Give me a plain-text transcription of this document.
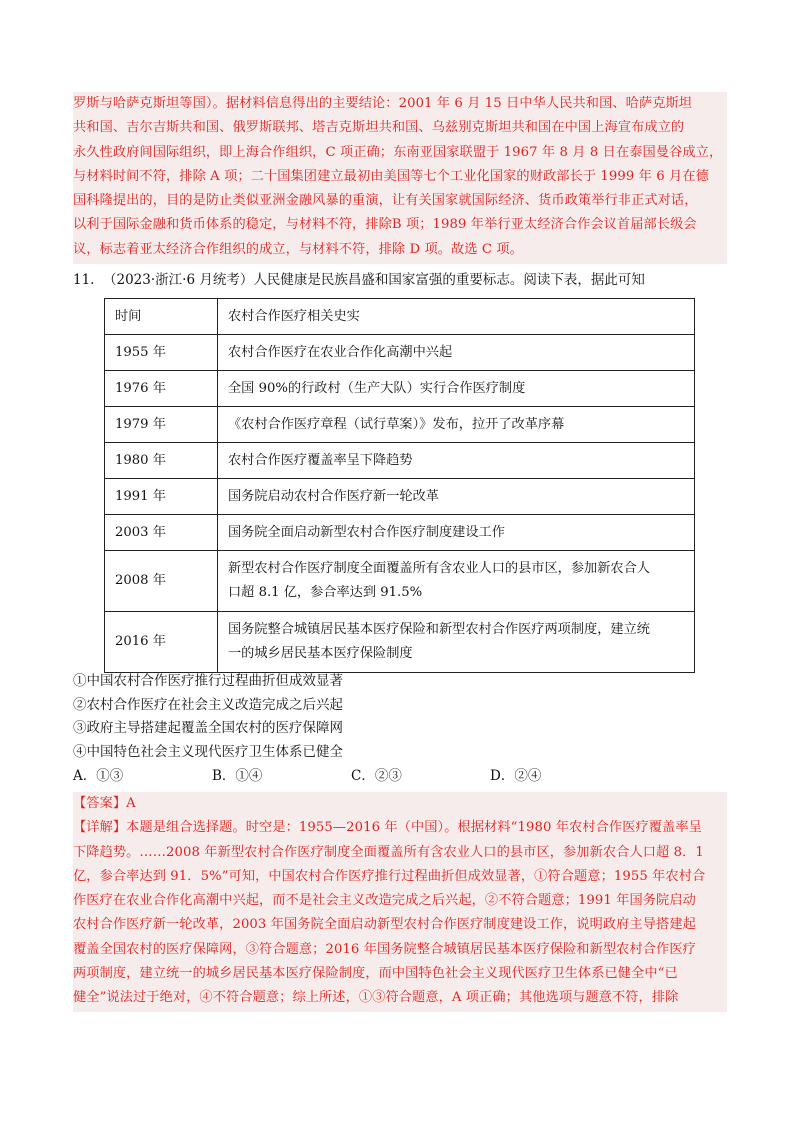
罗斯与哈萨克斯坦等国）。据材料信息得出的主要结论：2001 年 6 月 15 日中华人民共和国、哈萨克斯坦

共和国、吉尔吉斯共和国、俄罗斯联邦、塔吉克斯坦共和国、乌兹别克斯坦共和国在中国上海宣布成立的

永久性政府间国际组织，即上海合作组织，C 项正确；东南亚国家联盟于 1967 年 8 月 8 日在泰国曼谷成立，

与材料时间不符，排除 A 项；二十国集团建立最初由美国等七个工业化国家的财政部长于 1999 年 6 月在德

国科隆提出的，目的是防止类似亚洲金融风暴的重演，让有关国家就国际经济、货币政策举行非正式对话，

以利于国际金融和货币体系的稳定，与材料不符，排除B 项；1989 年举行亚太经济合作会议首届部长级会

议，标志着亚太经济合作组织的成立，与材料不符，排除 D 项。故选 C 项。

11. （2023·浙江·6 月统考）人民健康是民族昌盛和国家富强的重要标志。阅读下表，据此可知
时间	农村合作医疗相关史实
1955 年	农村合作医疗在农业合作化高潮中兴起
1976 年	全国 90%的行政村（生产大队）实行合作医疗制度
1979 年	《农村合作医疗章程（试行草案）》发布，拉开了改革序幕
1980 年	农村合作医疗覆盖率呈下降趋势
1991 年	国务院启动农村合作医疗新一轮改革
2003 年	国务院全面启动新型农村合作医疗制度建设工作
2008 年	新型农村合作医疗制度全面覆盖所有含农业人口的县市区，参加新农合人
口超 8.1 亿，参合率达到 91.5%

2016 年	国务院整合城镇居民基本医疗保险和新型农村合作医疗两项制度，建立统
一的城乡居民基本医疗保险制度
①中国农村合作医疗推行过程曲折但成效显著
②农村合作医疗在社会主义改造完成之后兴起
③政府主导搭建起覆盖全国农村的医疗保障网
④中国特色社会主义现代医疗卫生体系已健全
A．①③	B．①④	C．②③	D．②④

【答案】A

【详解】本题是组合选择题。时空是：1955—2016 年（中国）。根据材料“1980 年农村合作医疗覆盖率呈

下降趋势。……2008 年新型农村合作医疗制度全面覆盖所有含农业人口的县市区，参加新农合人口超 8．1

亿，参合率达到 91．5%”可知，中国农村合作医疗推行过程曲折但成效显著，①符合题意；1955 年农村合

作医疗在农业合作化高潮中兴起，而不是社会主义改造完成之后兴起，②不符合题意；1991 年国务院启动

农村合作医疗新一轮改革，2003 年国务院全面启动新型农村合作医疗制度建设工作，说明政府主导搭建起

覆盖全国农村的医疗保障网，③符合题意；2016 年国务院整合城镇居民基本医疗保险和新型农村合作医疗

两项制度，建立统一的城乡居民基本医疗保险制度，而中国特色社会主义现代医疗卫生体系已健全中“已

健全”说法过于绝对，④不符合题意；综上所述，①③符合题意，A 项正确；其他选项与题意不符，排除
